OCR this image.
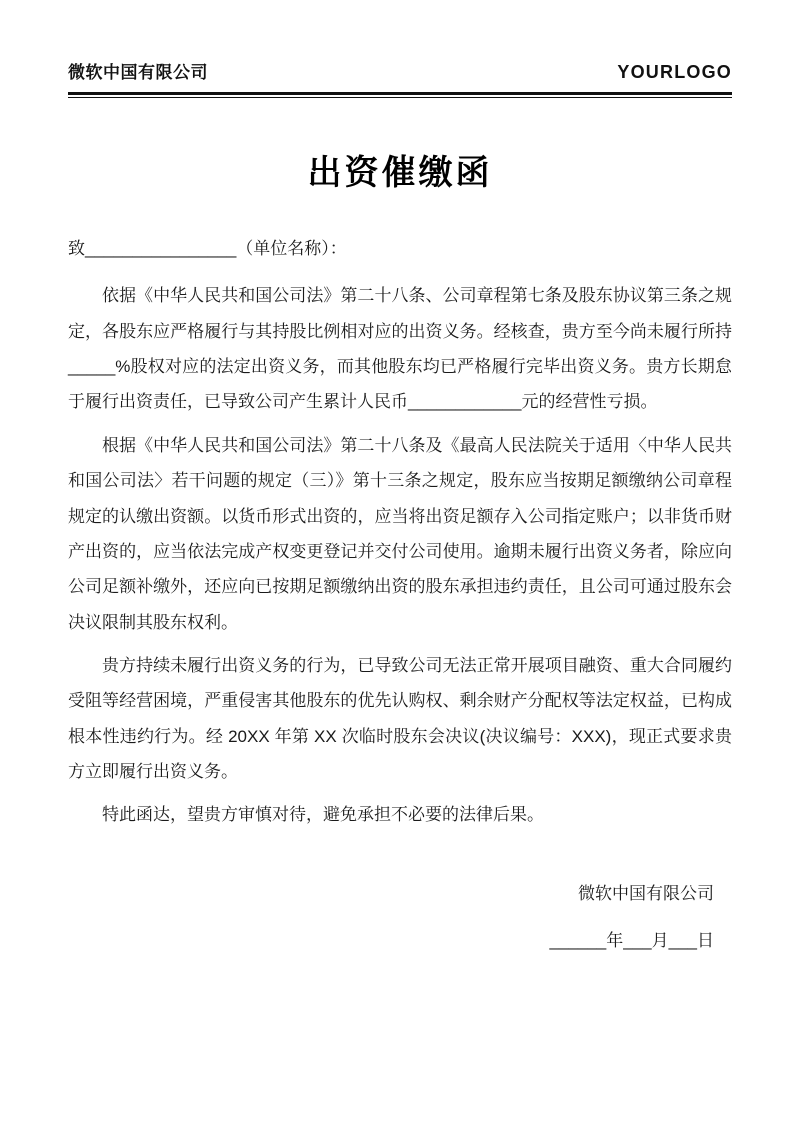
微软中国有限公司	YOURLOGO
出资催缴函
致________________（单位名称）：

依据《中华人民共和国公司法》第二十八条、公司章程第七条及股东协议第三条之规定，各股东应严格履行与其持股比例相对应的出资义务。经核查，贵方至今尚未履行所持_____%股权对应的法定出资义务，而其他股东均已严格履行完毕出资义务。贵方长期怠于履行出资责任，已导致公司产生累计人民币____________元的经营性亏损。

根据《中华人民共和国公司法》第二十八条及《最高人民法院关于适用〈中华人民共和国公司法〉若干问题的规定（三）》第十三条之规定，股东应当按期足额缴纳公司章程规定的认缴出资额。以货币形式出资的，应当将出资足额存入公司指定账户；以非货币财产出资的，应当依法完成产权变更登记并交付公司使用。逾期未履行出资义务者，除应向公司足额补缴外，还应向已按期足额缴纳出资的股东承担违约责任，且公司可通过股东会决议限制其股东权利。

贵方持续未履行出资义务的行为，已导致公司无法正常开展项目融资、重大合同履约受阻等经营困境，严重侵害其他股东的优先认购权、剩余财产分配权等法定权益，已构成根本性违约行为。经 20XX 年第 XX 次临时股东会决议(决议编号：XXX)，现正式要求贵方立即履行出资义务。

特此函达，望贵方审慎对待，避免承担不必要的法律后果。

微软中国有限公司
______年___月___日
